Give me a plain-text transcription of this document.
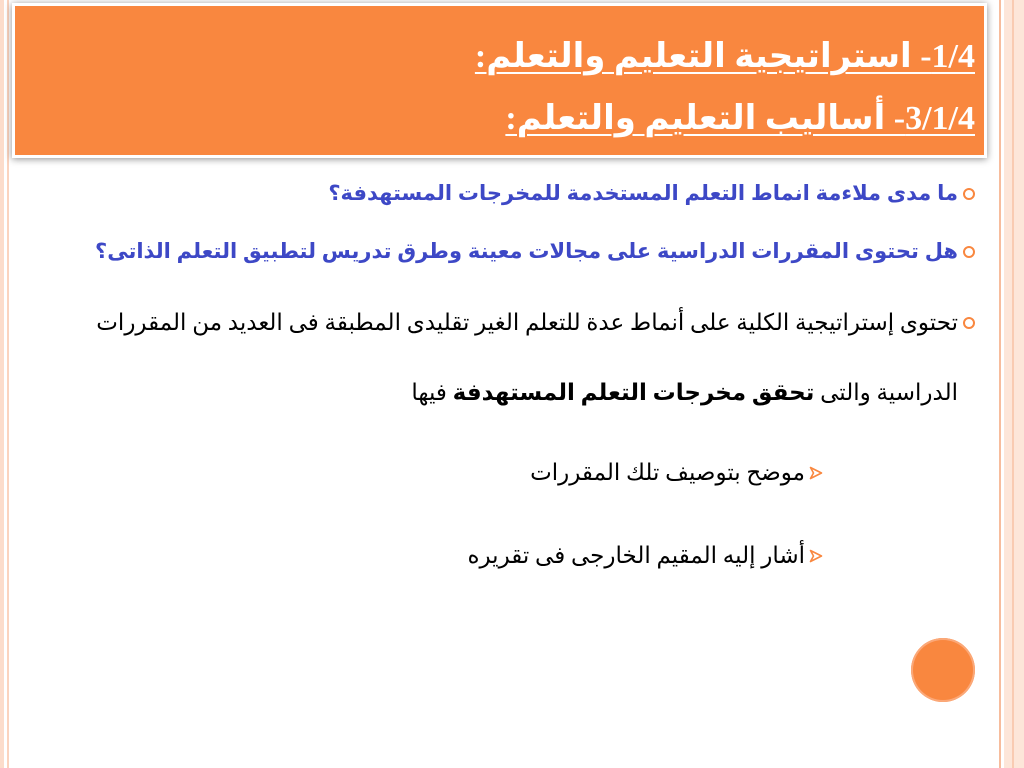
1/4- استراتيجية التعليم والتعلم:
3/1/4- أساليب التعليم والتعلم:
ما مدى ملاءمة انماط التعلم المستخدمة للمخرجات المستهدفة؟
هل تحتوى المقررات الدراسية على مجالات معينة وطرق تدريس لتطبيق التعلم الذاتى؟
تحتوى إستراتيجية الكلية على أنماط عدة للتعلم الغير تقليدى المطبقة فى العديد من المقررات الدراسية والتى تحقق مخرجات التعلم المستهدفة فيها
موضح بتوصيف تلك المقررات
أشار إليه المقيم الخارجى فى تقريره
